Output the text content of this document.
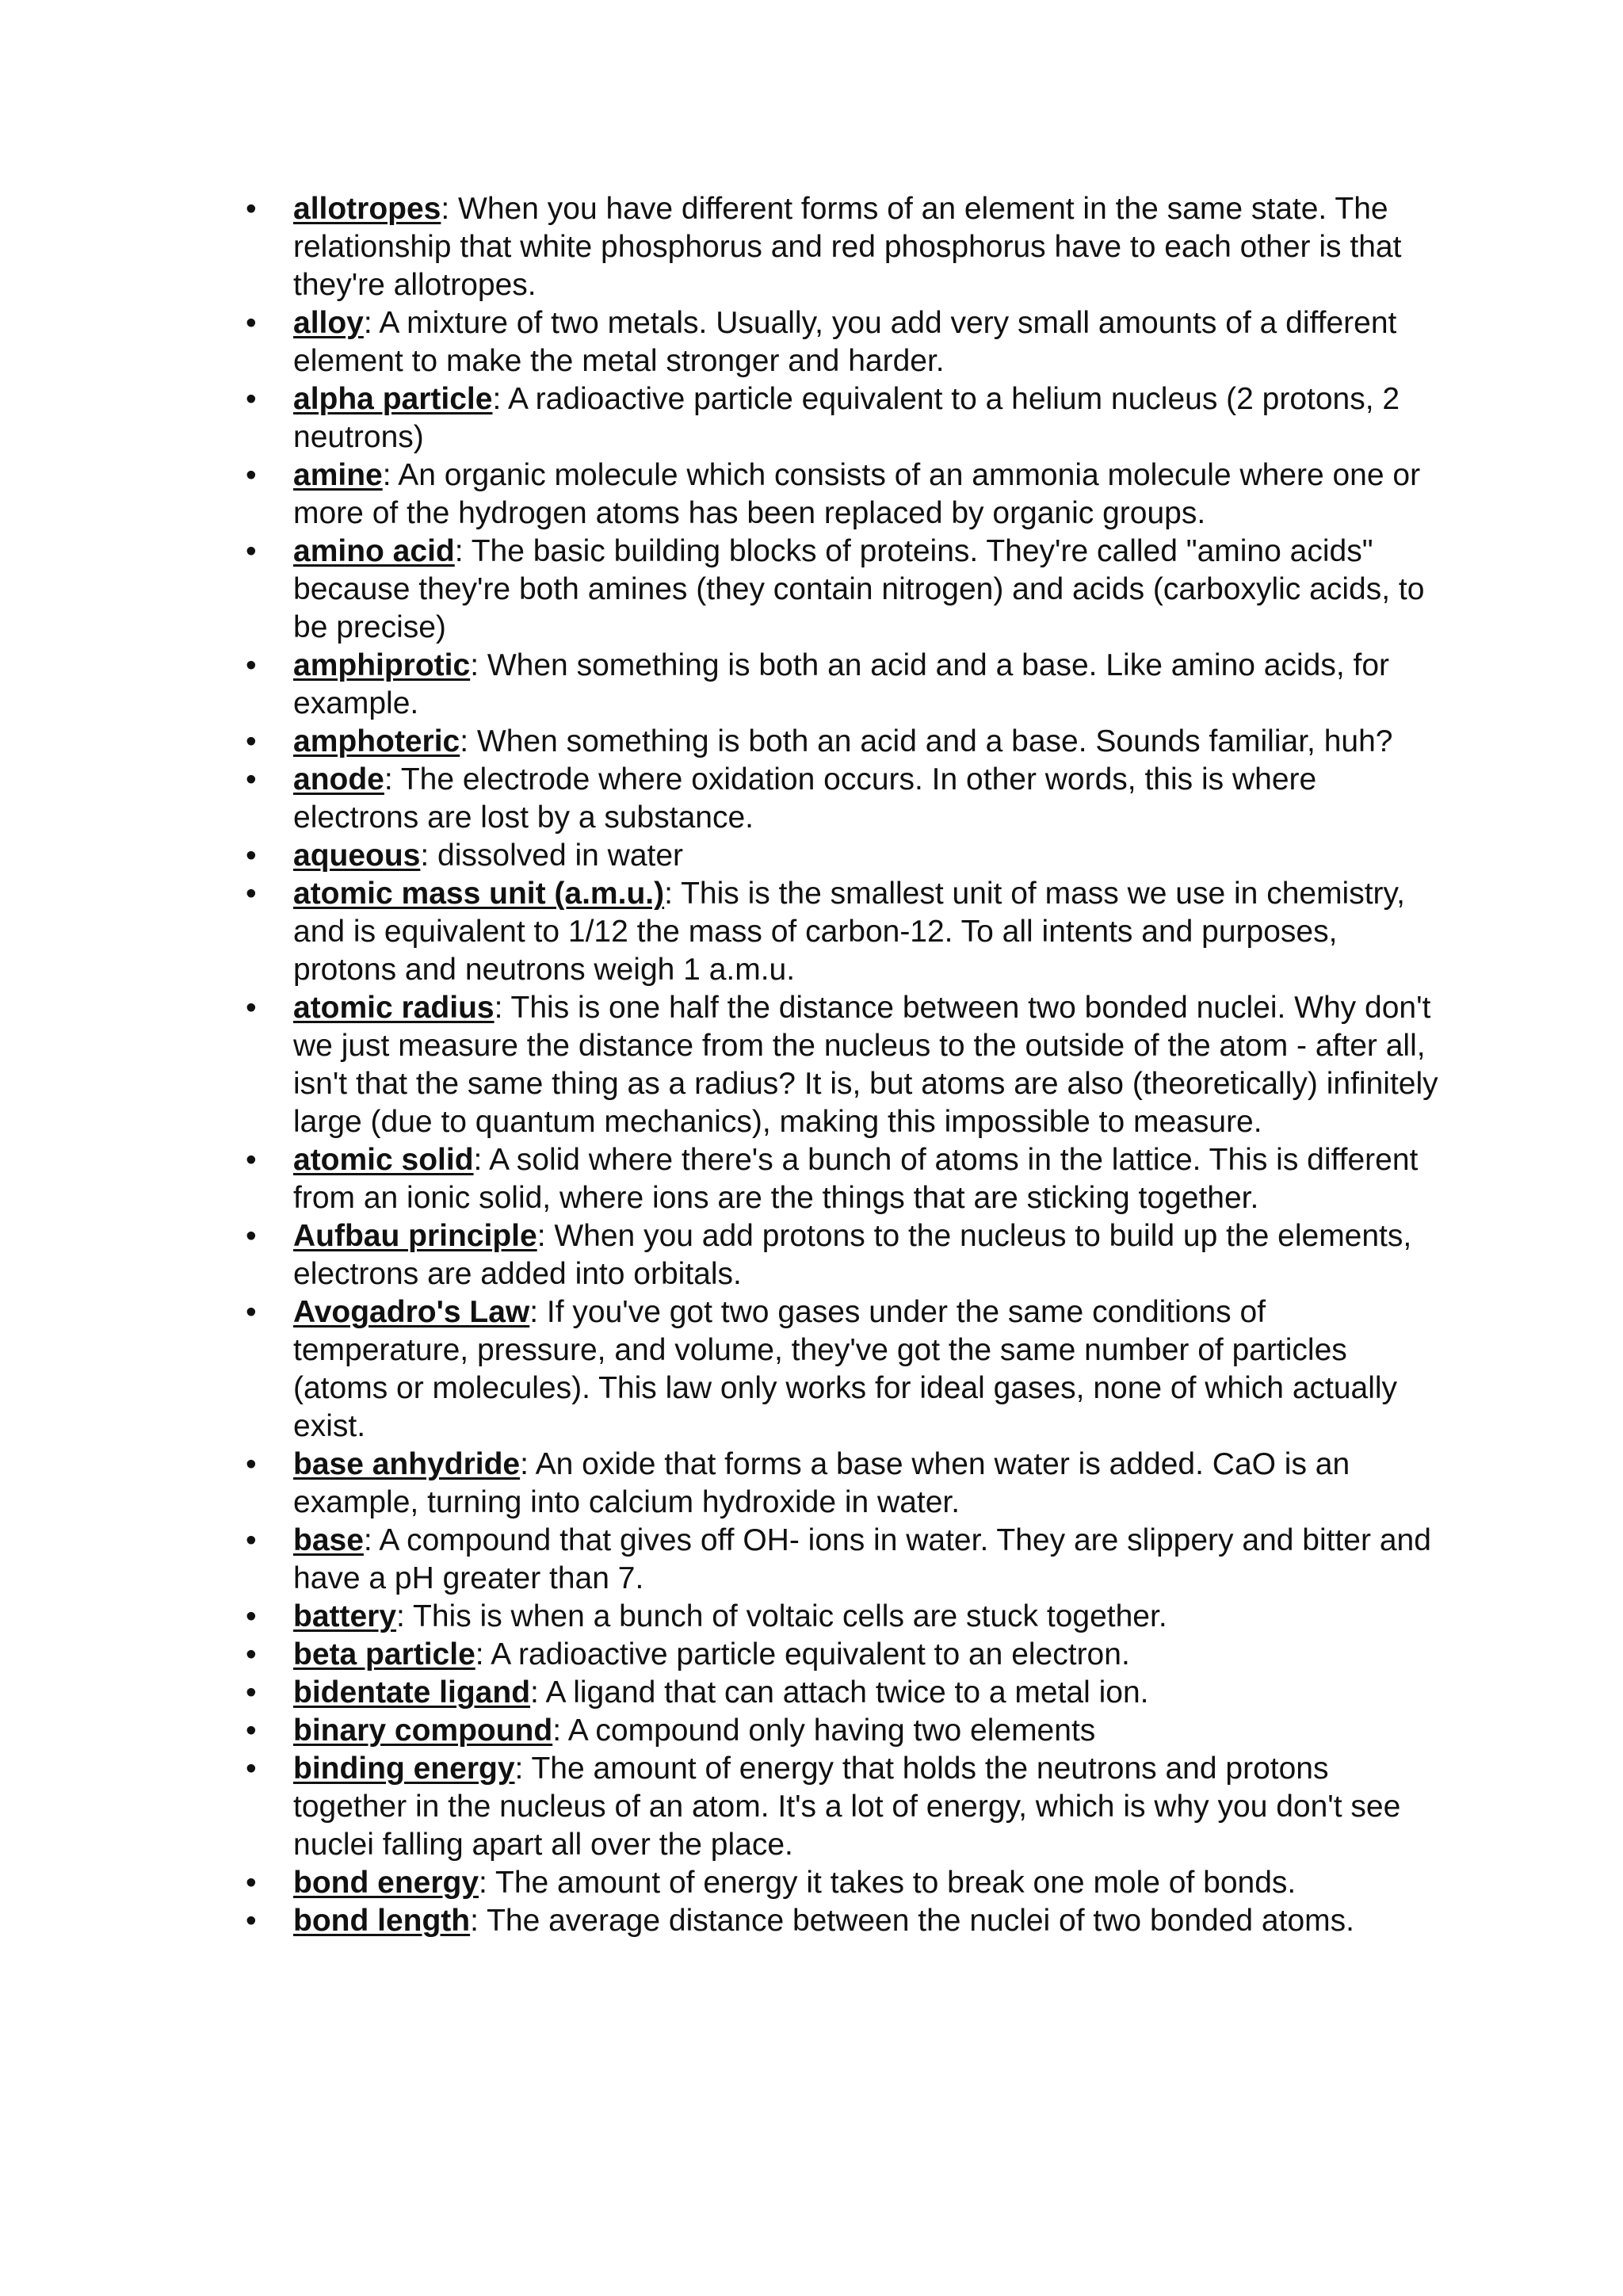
•	allotropes: When you have different forms of an element in the same state. The relationship that white phosphorus and red phosphorus have to each other is that they're allotropes.
•	alloy: A mixture of two metals. Usually, you add very small amounts of a different element to make the metal stronger and harder.
•	alpha particle: A radioactive particle equivalent to a helium nucleus (2 protons, 2 neutrons)
•	amine: An organic molecule which consists of an ammonia molecule where one or more of the hydrogen atoms has been replaced by organic groups.
•	amino acid: The basic building blocks of proteins. They're called "amino acids" because they're both amines (they contain nitrogen) and acids (carboxylic acids, to be precise)
•	amphiprotic: When something is both an acid and a base. Like amino acids, for example.
•	amphoteric: When something is both an acid and a base. Sounds familiar, huh?
•	anode: The electrode where oxidation occurs. In other words, this is where electrons are lost by a substance.
•	aqueous: dissolved in water
•	atomic mass unit (a.m.u.): This is the smallest unit of mass we use in chemistry, and is equivalent to 1/12 the mass of carbon-12. To all intents and purposes, protons and neutrons weigh 1 a.m.u.
•	atomic radius: This is one half the distance between two bonded nuclei. Why don't we just measure the distance from the nucleus to the outside of the atom - after all, isn't that the same thing as a radius? It is, but atoms are also (theoretically) infinitely large (due to quantum mechanics), making this impossible to measure.
•	atomic solid: A solid where there's a bunch of atoms in the lattice. This is different from an ionic solid, where ions are the things that are sticking together.
•	Aufbau principle: When you add protons to the nucleus to build up the elements, electrons are added into orbitals.
•	Avogadro's Law: If you've got two gases under the same conditions of temperature, pressure, and volume, they've got the same number of particles (atoms or molecules). This law only works for ideal gases, none of which actually exist.
•	base anhydride: An oxide that forms a base when water is added. CaO is an example, turning into calcium hydroxide in water.
•	base: A compound that gives off OH- ions in water. They are slippery and bitter and have a pH greater than 7.
•	battery: This is when a bunch of voltaic cells are stuck together.
•	beta particle: A radioactive particle equivalent to an electron.
•	bidentate ligand: A ligand that can attach twice to a metal ion.
•	binary compound: A compound only having two elements
•	binding energy: The amount of energy that holds the neutrons and protons together in the nucleus of an atom. It's a lot of energy, which is why you don't see nuclei falling apart all over the place.
•	bond energy: The amount of energy it takes to break one mole of bonds.
•	bond length: The average distance between the nuclei of two bonded atoms.
